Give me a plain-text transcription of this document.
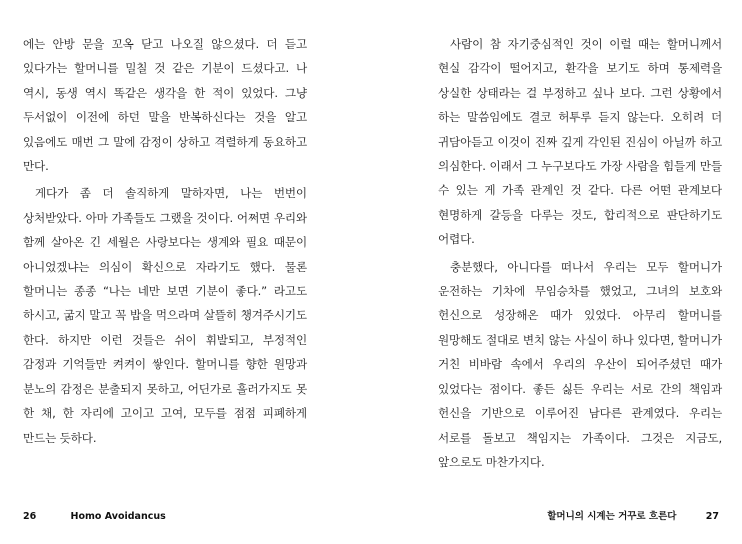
에는 안방 문을 꼬옥 닫고 나오질 않으셨다. 더 듣고 있다가는 할머니를 밀칠 것 같은 기분이 드셨다고. 나 역시, 동생 역시 똑같은 생각을 한 적이 있었다. 그냥 두서없이 이전에 하던 말을 반복하신다는 것을 알고 있음에도 매번 그 말에 감정이 상하고 격렬하게 동요하고 만다.

게다가 좀 더 솔직하게 말하자면, 나는 번번이 상처받았다. 아마 가족들도 그랬을 것이다. 어쩌면 우리와 함께 살아온 긴 세월은 사랑보다는 생계와 필요 때문이 아니었겠냐는 의심이 확신으로 자라기도 했다. 물론 할머니는 종종 “나는 네만 보면 기분이 좋다.” 라고도 하시고, 굶지 말고 꼭 밥을 먹으라며 살뜰히 챙겨주시기도 한다. 하지만 이런 것들은 쉬이 휘발되고, 부정적인 감정과 기억들만 켜켜이 쌓인다. 할머니를 향한 원망과 분노의 감정은 분출되지 못하고, 어딘가로 흘러가지도 못 한 채, 한 자리에 고이고 고여, 모두를 점점 피폐하게 만드는 듯하다.

26	Homo Avoidancus

사람이 참 자기중심적인 것이 이럴 때는 할머니께서 현실 감각이 떨어지고, 환각을 보기도 하며 통제력을 상실한 상태라는 걸 부정하고 싶나 보다. 그런 상황에서 하는 말씀임에도 결코 허투루 듣지 않는다. 오히려 더 귀담아듣고 이것이 진짜 깊게 각인된 진심이 아닐까 하고 의심한다. 이래서 그 누구보다도 가장 사람을 힘들게 만들 수 있는 게 가족 관계인 것 같다. 다른 어떤 관계보다 현명하게 갈등을 다루는 것도, 합리적으로 판단하기도 어렵다.

충분했다, 아니다를 떠나서 우리는 모두 할머니가 운전하는 기차에 무임승차를 했었고, 그녀의 보호와 헌신으로 성장해온 때가 있었다. 아무리 할머니를 원망해도 절대로 변치 않는 사실이 하나 있다면, 할머니가 거친 비바람 속에서 우리의 우산이 되어주셨던 때가 있었다는 점이다. 좋든 싫든 우리는 서로 간의 책임과 헌신을 기반으로 이루어진 남다른 관계였다. 우리는 서로를 돌보고 책임지는 가족이다. 그것은 지금도, 앞으로도 마찬가지다.

할머니의 시계는 거꾸로 흐른다	27
